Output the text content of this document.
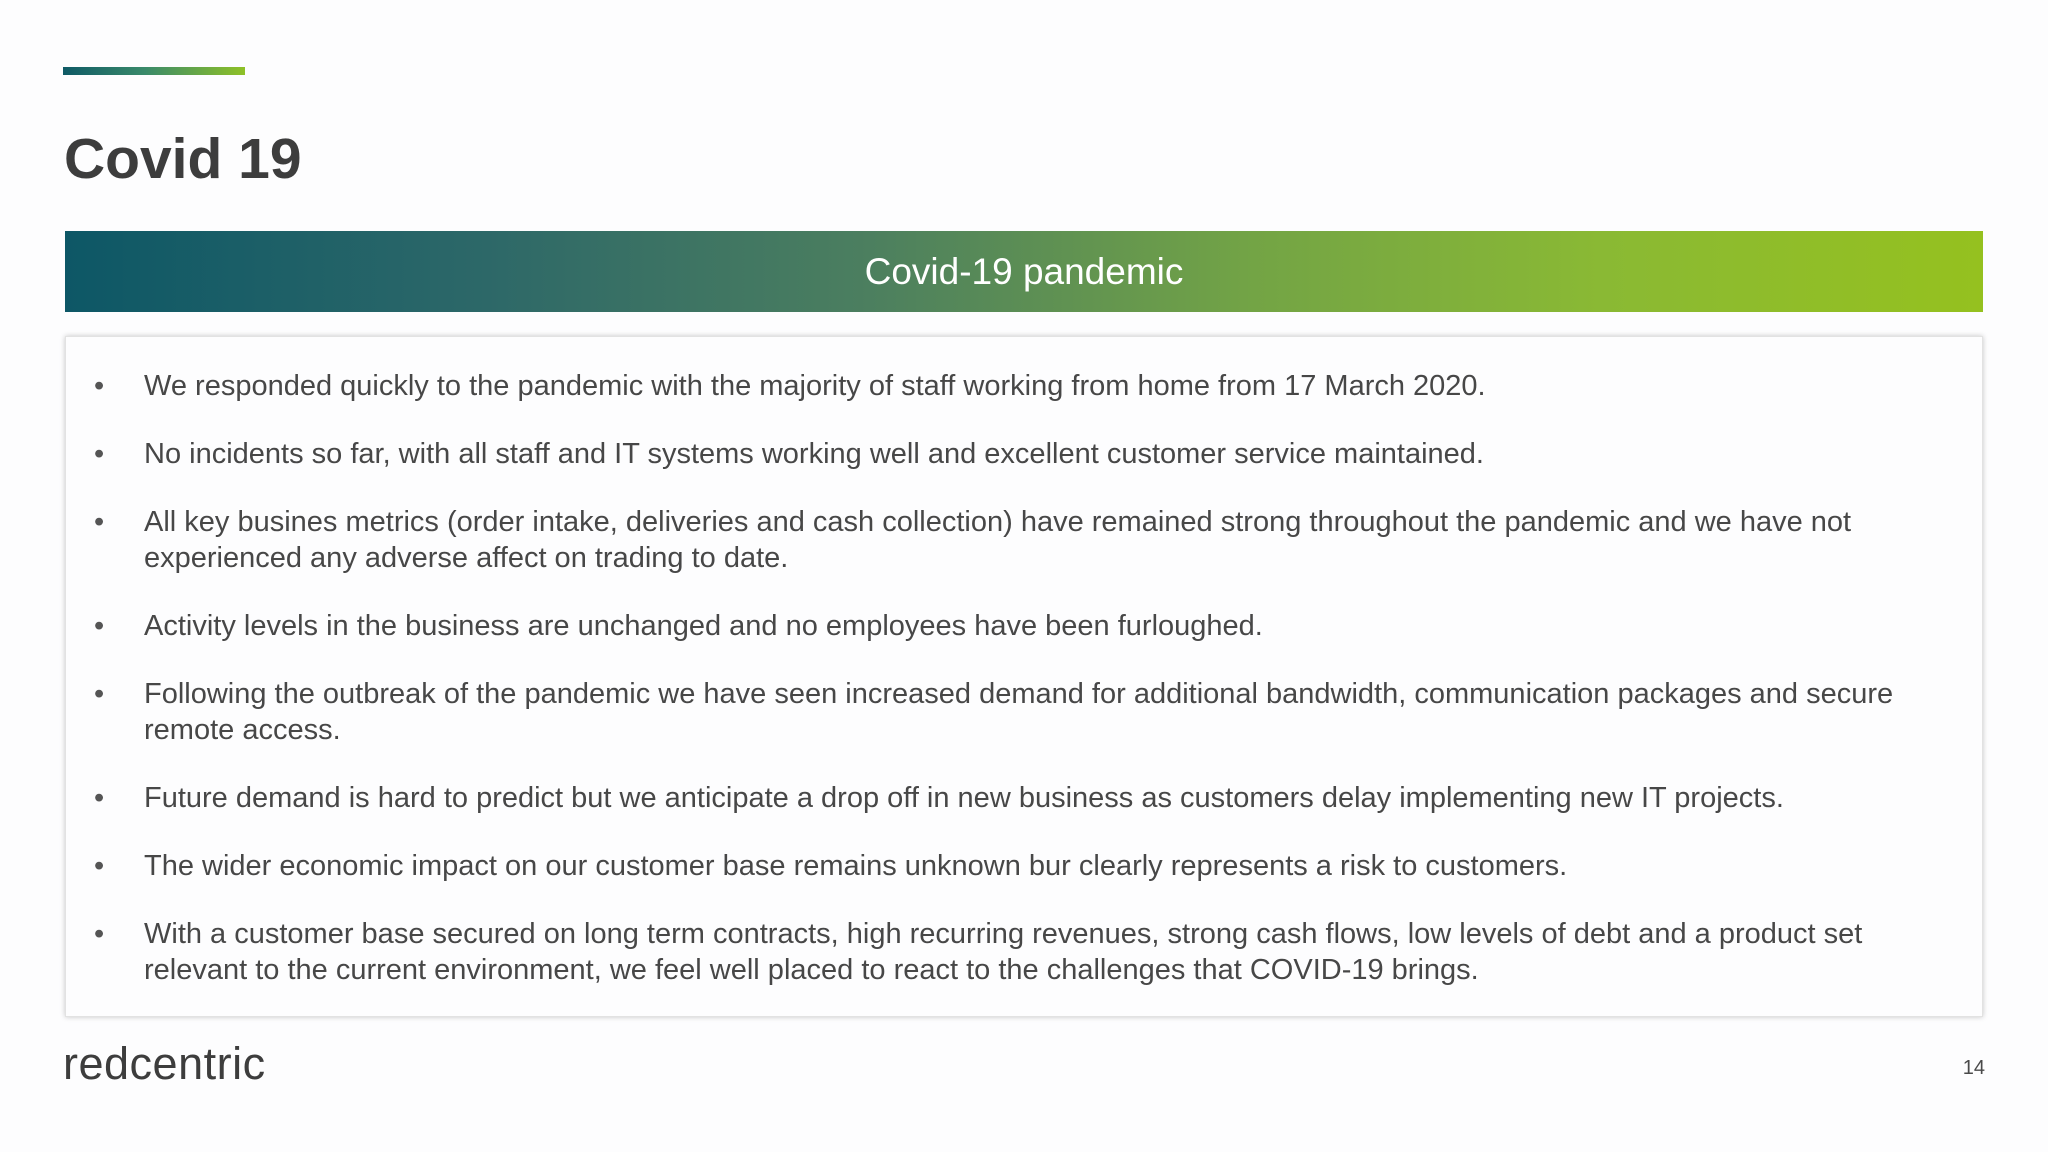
Covid 19
Covid-19 pandemic
• We responded quickly to the pandemic with the majority of staff working from home from 17 March 2020.
• No incidents so far, with all staff and IT systems working well and excellent customer service maintained.
• All key busines metrics (order intake, deliveries and cash collection) have remained strong throughout the pandemic and we have not experienced any adverse affect on trading to date.
• Activity levels in the business are unchanged and no employees have been furloughed.
• Following the outbreak of the pandemic we have seen increased demand for additional bandwidth, communication packages and secure remote access.
• Future demand is hard to predict but we anticipate a drop off in new business as customers delay implementing new IT projects.
• The wider economic impact on our customer base remains unknown bur clearly represents a risk to customers.
• With a customer base secured on long term contracts, high recurring revenues, strong cash flows, low levels of debt and a product set relevant to the current environment, we feel well placed to react to the challenges that COVID-19 brings.
redcentric	14
